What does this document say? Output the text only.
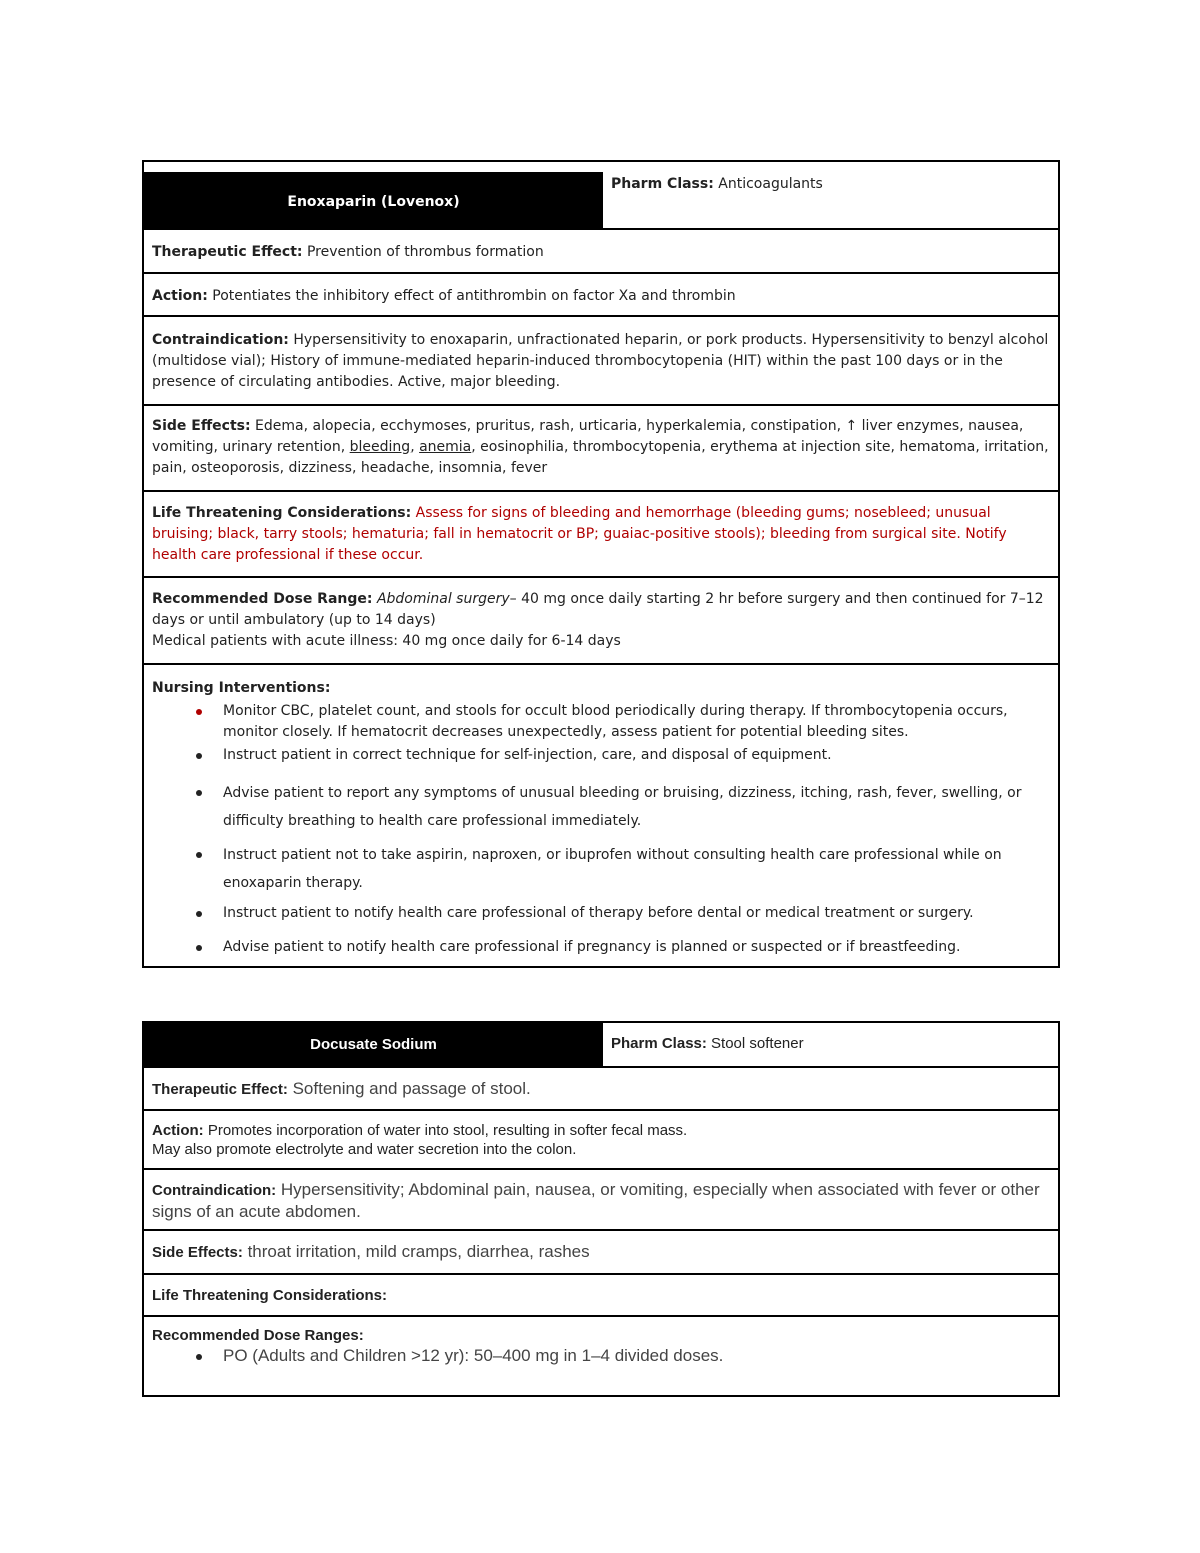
Enoxaparin (Lovenox)
Pharm Class: Anticoagulants
Therapeutic Effect: Prevention of thrombus formation
Action: Potentiates the inhibitory effect of antithrombin on factor Xa and thrombin
Contraindication: Hypersensitivity to enoxaparin, unfractionated heparin, or pork products. Hypersensitivity to benzyl alcohol (multidose vial); History of immune-mediated heparin-induced thrombocytopenia (HIT) within the past 100 days or in the presence of circulating antibodies. Active, major bleeding.
Side Effects: Edema, alopecia, ecchymoses, pruritus, rash, urticaria, hyperkalemia, constipation, ↑ liver enzymes, nausea, vomiting, urinary retention, bleeding, anemia, eosinophilia, thrombocytopenia, erythema at injection site, hematoma, irritation, pain, osteoporosis, dizziness, headache, insomnia, fever
Life Threatening Considerations: Assess for signs of bleeding and hemorrhage (bleeding gums; nosebleed; unusual bruising; black, tarry stools; hematuria; fall in hematocrit or BP; guaiac-positive stools); bleeding from surgical site. Notify health care professional if these occur.
Recommended Dose Range: Abdominal surgery– 40 mg once daily starting 2 hr before surgery and then continued for 7–12 days or until ambulatory (up to 14 days)
Medical patients with acute illness: 40 mg once daily for 6-14 days
Nursing Interventions:
Monitor CBC, platelet count, and stools for occult blood periodically during therapy. If thrombocytopenia occurs, monitor closely. If hematocrit decreases unexpectedly, assess patient for potential bleeding sites.
Instruct patient in correct technique for self-injection, care, and disposal of equipment.
Advise patient to report any symptoms of unusual bleeding or bruising, dizziness, itching, rash, fever, swelling, or difficulty breathing to health care professional immediately.
Instruct patient not to take aspirin, naproxen, or ibuprofen without consulting health care professional while on enoxaparin therapy.
Instruct patient to notify health care professional of therapy before dental or medical treatment or surgery.
Advise patient to notify health care professional if pregnancy is planned or suspected or if breastfeeding.
Docusate Sodium	Pharm Class: Stool softener
Therapeutic Effect: Softening and passage of stool.
Action: Promotes incorporation of water into stool, resulting in softer fecal mass.
May also promote electrolyte and water secretion into the colon.
Contraindication: Hypersensitivity; Abdominal pain, nausea, or vomiting, especially when associated with fever or other signs of an acute abdomen.
Side Effects: throat irritation, mild cramps, diarrhea, rashes
Life Threatening Considerations:
Recommended Dose Ranges:
PO (Adults and Children >12 yr): 50–400 mg in 1–4 divided doses.
